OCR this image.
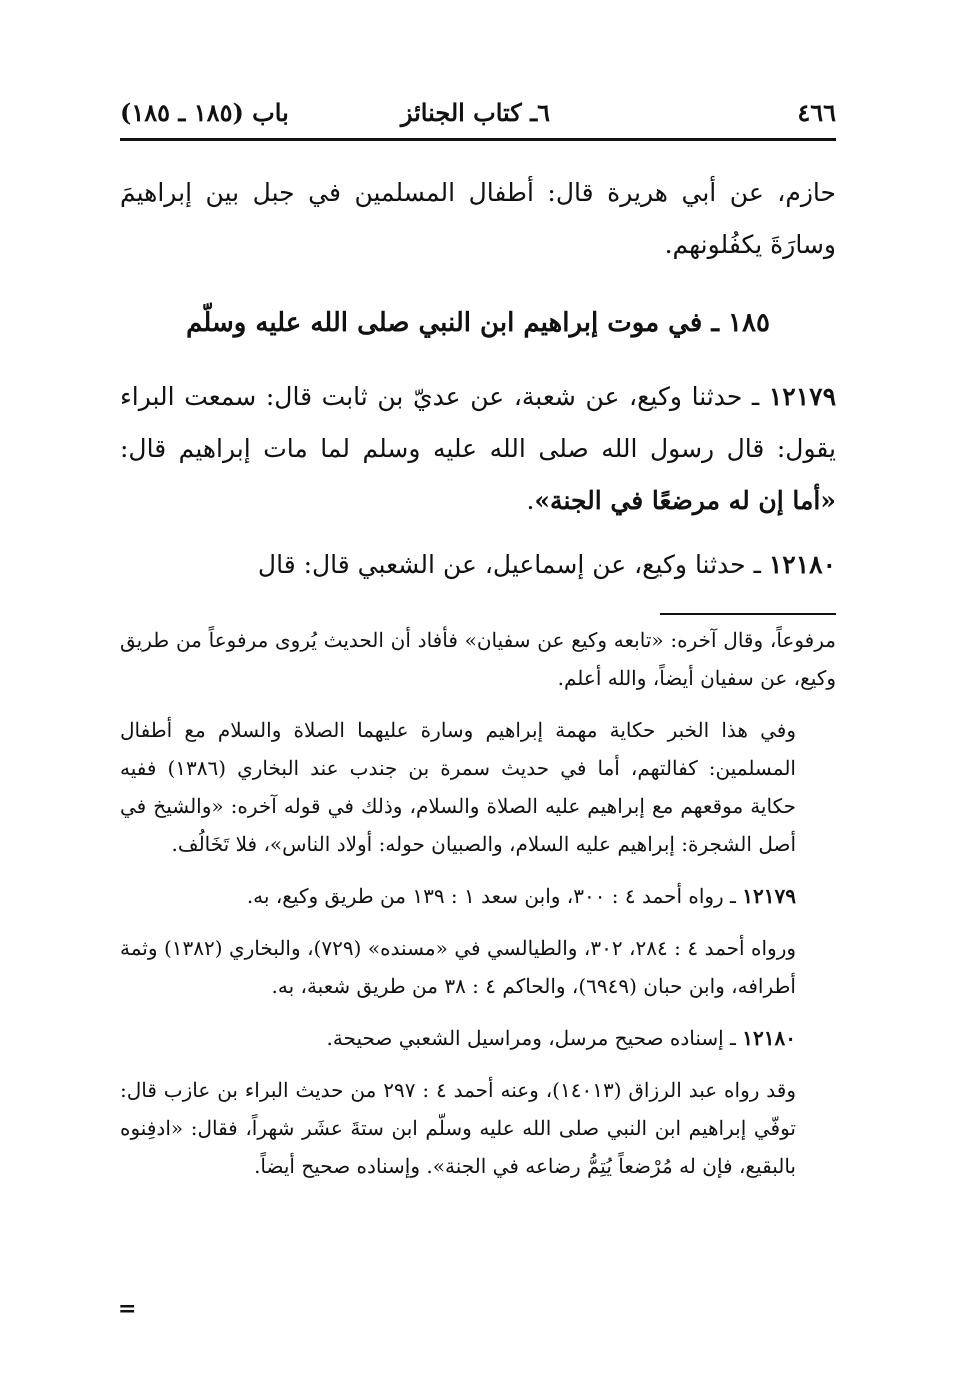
٤٦٦
٦ـ كتاب الجنائز
باب (١٨٥ ـ ١٨٥)

حازم، عن أبي هريرة قال: أطفال المسلمين في جبل بين إبراهيمَ وسارَةَ يكفُلونهم.

١٨٥ ـ في موت إبراهيم ابن النبي صلى الله عليه وسلّم

١٢١٧٩ ـ حدثنا وكيع، عن شعبة، عن عديّ بن ثابت قال: سمعت البراء يقول: قال رسول الله صلى الله عليه وسلم لما مات إبراهيم قال: «أما إن له مرضعًا في الجنة».

١٢١٨٠ ـ حدثنا وكيع، عن إسماعيل، عن الشعبي قال: قال

مرفوعاً، وقال آخره: «تابعه وكيع عن سفيان» فأفاد أن الحديث يُروى مرفوعاً من طريق وكيع، عن سفيان أيضاً، والله أعلم.

وفي هذا الخبر حكاية مهمة إبراهيم وسارة عليهما الصلاة والسلام مع أطفال المسلمين: كفالتهم، أما في حديث سمرة بن جندب عند البخاري (١٣٨٦) ففيه حكاية موقعهم مع إبراهيم عليه الصلاة والسلام، وذلك في قوله آخره: «والشيخ في أصل الشجرة: إبراهيم عليه السلام، والصبيان حوله: أولاد الناس»، فلا تَخَالُف.

١٢١٧٩ ـ رواه أحمد ٤ : ٣٠٠، وابن سعد ١ : ١٣٩ من طريق وكيع، به.

ورواه أحمد ٤ : ٢٨٤، ٣٠٢، والطيالسي في «مسنده» (٧٢٩)، والبخاري (١٣٨٢) وثمة أطرافه، وابن حبان (٦٩٤٩)، والحاكم ٤ : ٣٨ من طريق شعبة، به.

١٢١٨٠ ـ إسناده صحيح مرسل، ومراسيل الشعبي صحيحة.

وقد رواه عبد الرزاق (١٤٠١٣)، وعنه أحمد ٤ : ٢٩٧ من حديث البراء بن عازب قال: توفّي إبراهيم ابن النبي صلى الله عليه وسلّم ابن ستةَ عشَر شهراً، فقال: «ادفِنوه بالبقيع، فإن له مُرْضعاً يُتِمُّ رضاعه في الجنة». وإسناده صحيح أيضاً.

=
